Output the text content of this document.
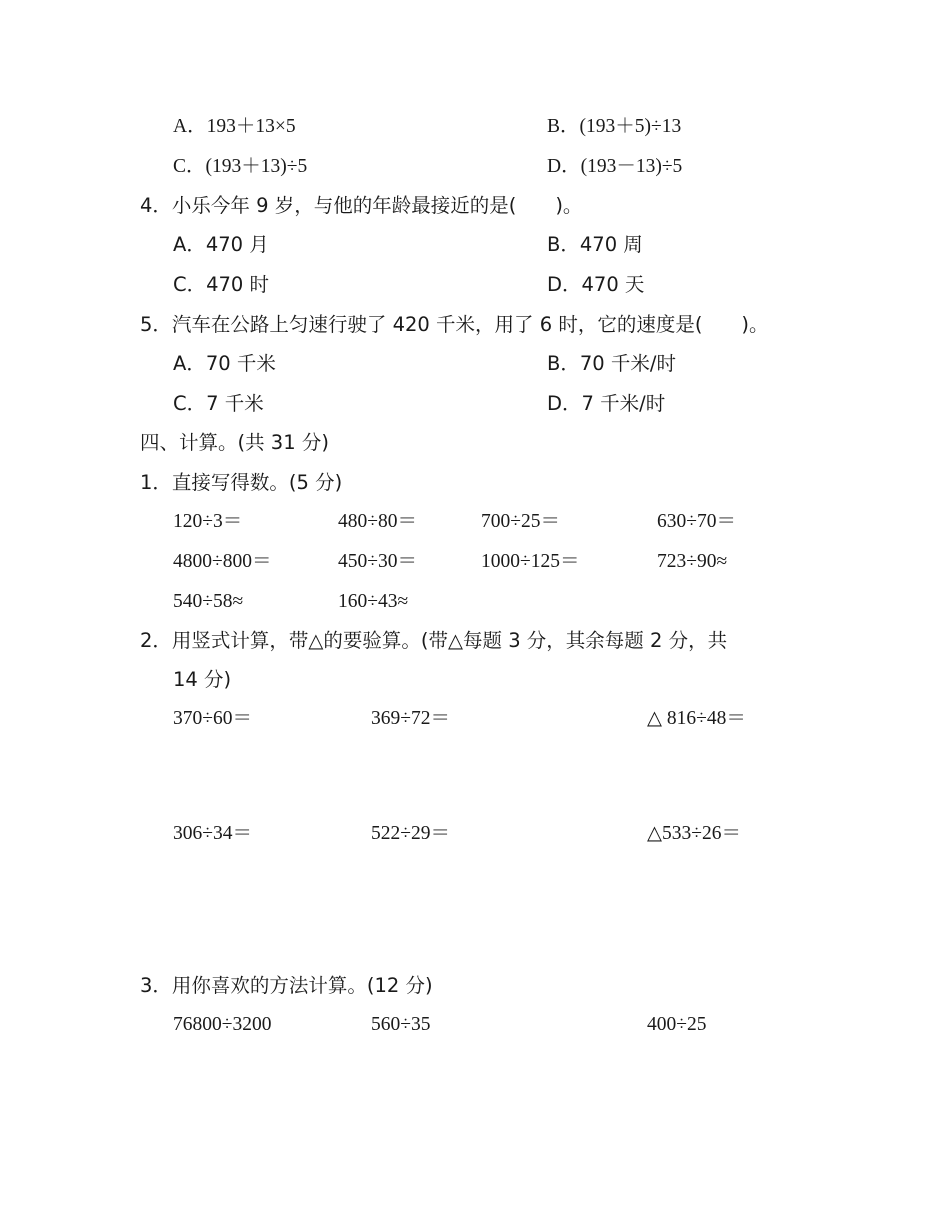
A．193＋13×5	B．(193＋5)÷13
C．(193＋13)÷5	D．(193－13)÷5
4．小乐今年 9 岁，与他的年龄最接近的是(　　)。
A．470 月	B．470 周
C．470 时	D．470 天
5．汽车在公路上匀速行驶了 420 千米，用了 6 时，它的速度是(　　)。
A．70 千米	B．70 千米/时
C．7 千米	D．7 千米/时
四、计算。(共 31 分)
1．直接写得数。(5 分)
120÷3＝	480÷80＝	700÷25＝	630÷70＝
4800÷800＝	450÷30＝	1000÷125＝	723÷90≈
540÷58≈	160÷43≈
2．用竖式计算，带△的要验算。(带△每题 3 分，其余每题 2 分，共
14 分)
370÷60＝	369÷72＝	△ 816÷48＝
306÷34＝	522÷29＝	△533÷26＝
3．用你喜欢的方法计算。(12 分)
76800÷3200	560÷35	400÷25
